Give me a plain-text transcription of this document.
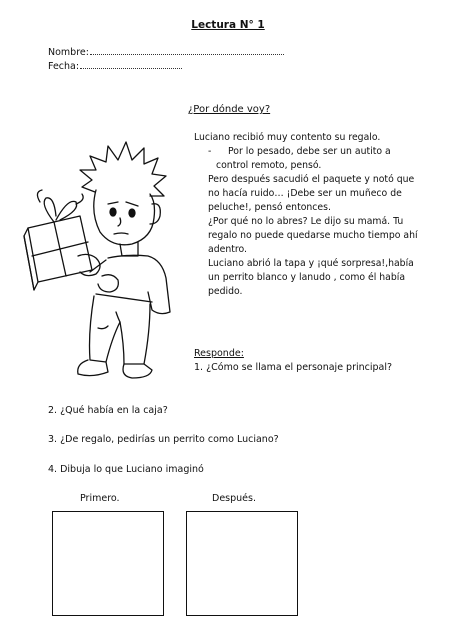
Lectura N° 1
Nombre:
Fecha:
¿Por dónde voy?

Luciano recibió muy contento su regalo.

- Por lo pesado, debe ser un autito a

control remoto, pensó.

Pero después sacudió el paquete y notó que

no hacía ruido… ¡Debe ser un muñeco de

peluche!, pensó entonces.

¿Por qué no lo abres? Le dijo su mamá. Tu

regalo no puede quedarse mucho tiempo ahí

adentro.

Luciano abrió la tapa y ¡qué sorpresa!,había

un perrito blanco y lanudo , como él había

pedido.

Responde:
1. ¿Cómo se llama el personaje principal?
2. ¿Qué había en la caja?
3. ¿De regalo, pedirías un perrito como Luciano?
4. Dibuja lo que Luciano imaginó
Primero.	Después.
